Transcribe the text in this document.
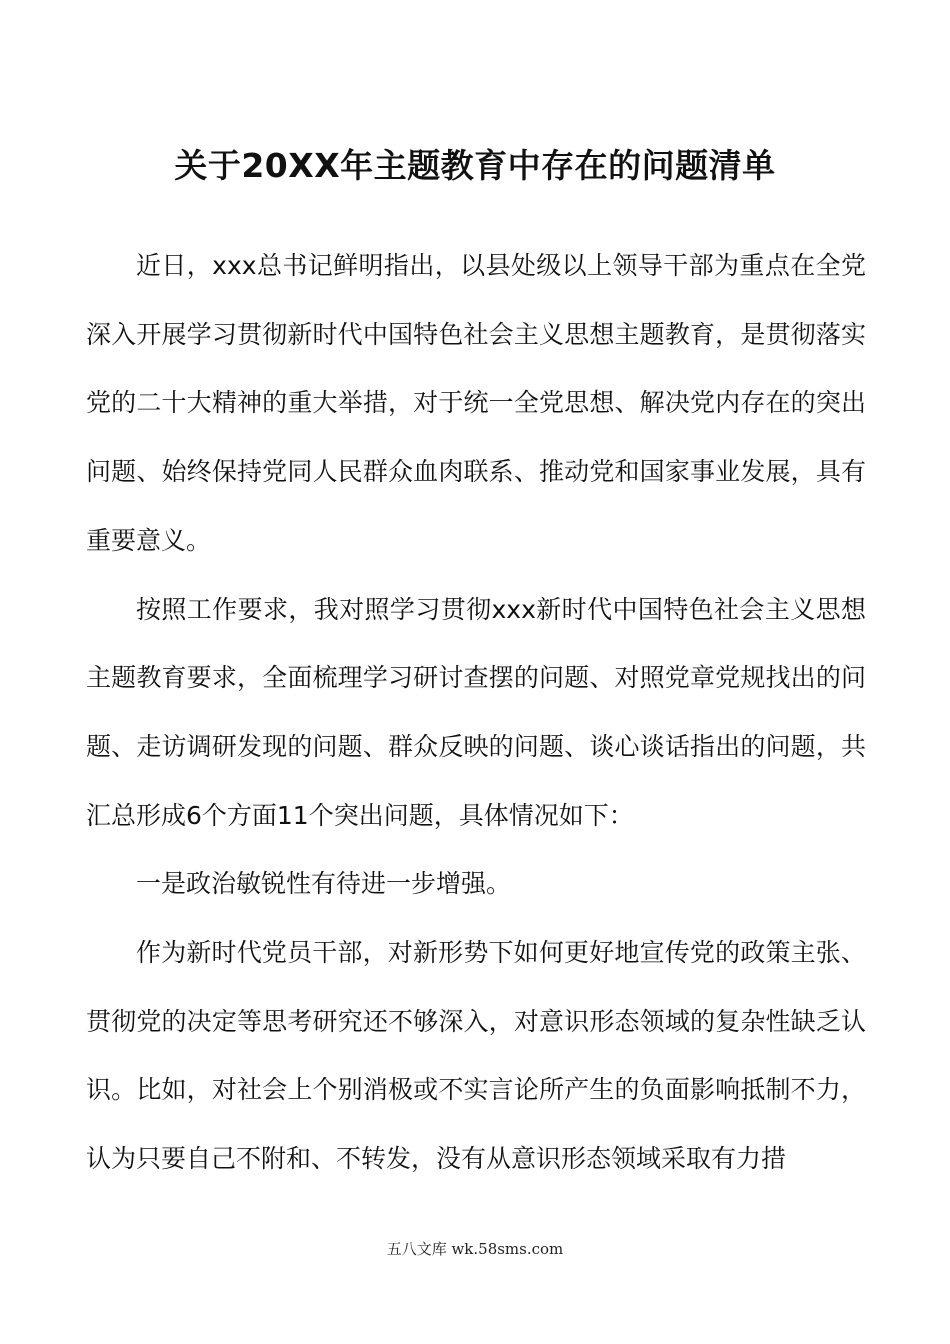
关于20XX年主题教育中存在的问题清单

近日，xxx总书记鲜明指出，以县处级以上领导干部为重点在全党深入开展学习贯彻新时代中国特色社会主义思想主题教育，是贯彻落实党的二十大精神的重大举措，对于统一全党思想、解决党内存在的突出问题、始终保持党同人民群众血肉联系、推动党和国家事业发展，具有重要意义。

按照工作要求，我对照学习贯彻xxx新时代中国特色社会主义思想主题教育要求，全面梳理学习研讨查摆的问题、对照党章党规找出的问题、走访调研发现的问题、群众反映的问题、谈心谈话指出的问题，共汇总形成6个方面11个突出问题，具体情况如下：

一是政治敏锐性有待进一步增强。

作为新时代党员干部，对新形势下如何更好地宣传党的政策主张、贯彻党的决定等思考研究还不够深入，对意识形态领域的复杂性缺乏认识。比如，对社会上个别消极或不实言论所产生的负面影响抵制不力，认为只要自己不附和、不转发，没有从意识形态领域采取有力措

五八文库 wk.58sms.com
